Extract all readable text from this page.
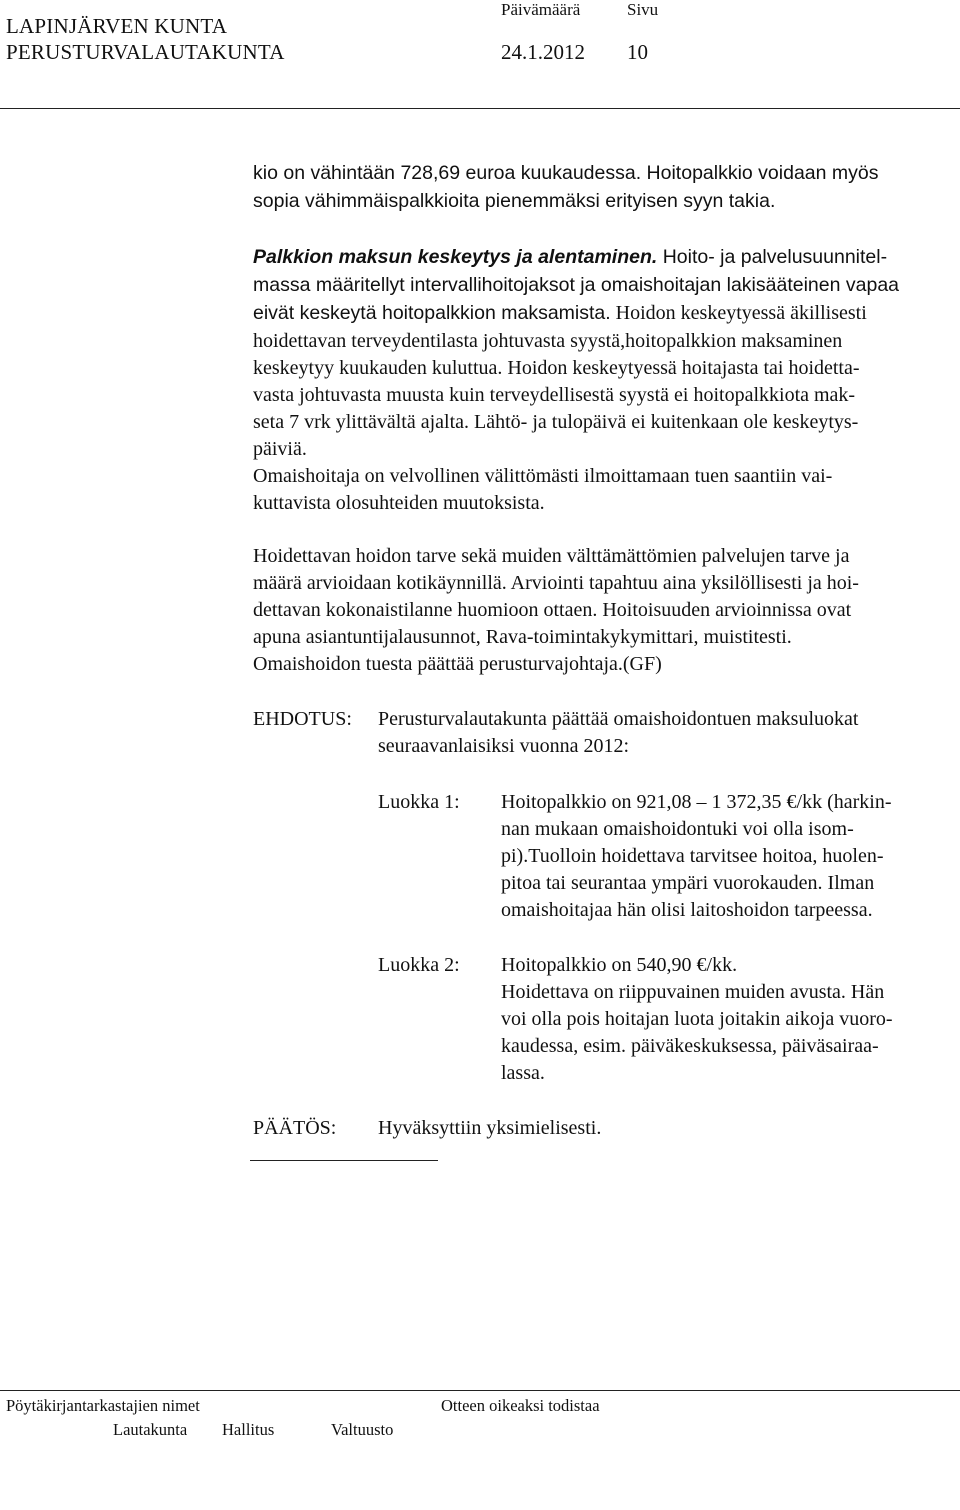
LAPINJÄRVEN KUNTA
PERUSTURVALAUTAKUNTA
Päivämäärä	Sivu
24.1.2012 10
kio on vähintään 728,69 euroa kuukaudessa. Hoitopalkkio voidaan myös
sopia vähimmäispalkkioita pienemmäksi erityisen syyn takia.
Palkkion maksun keskeytys ja alentaminen. Hoito- ja palvelusuunnitel-
massa määritellyt intervallihoitojaksot ja omaishoitajan lakisääteinen vapaa
eivät keskeytä hoitopalkkion maksamista. Hoidon keskeytyessä äkillisesti
hoidettavan terveydentilasta johtuvasta syystä,hoitopalkkion maksaminen
keskeytyy kuukauden kuluttua. Hoidon keskeytyessä hoitajasta tai hoidetta-
vasta johtuvasta muusta kuin terveydellisestä syystä ei hoitopalkkiota mak-
seta 7 vrk ylittävältä ajalta. Lähtö- ja tulopäivä ei kuitenkaan ole keskeytys-
päiviä.
Omaishoitaja on velvollinen välittömästi ilmoittamaan tuen saantiin vai-
kuttavista olosuhteiden muutoksista.
Hoidettavan hoidon tarve sekä muiden välttämättömien palvelujen tarve ja
määrä arvioidaan kotikäynnillä. Arviointi tapahtuu aina yksilöllisesti ja hoi-
dettavan kokonaistilanne huomioon ottaen. Hoitoisuuden arvioinnissa ovat
apuna asiantuntijalausunnot, Rava-toimintakykymittari, muistitesti.
Omaishoidon tuesta päättää perusturvajohtaja.(GF)
EHDOTUS: Perusturvalautakunta päättää omaishoidontuen maksuluokat
seuraavanlaisiksi vuonna 2012:
Luokka 1: Hoitopalkkio on 921,08 – 1 372,35 €/kk (harkin-
nan mukaan omaishoidontuki voi olla isom-
pi).Tuolloin hoidettava tarvitsee hoitoa, huolen-
pitoa tai seurantaa ympäri vuorokauden. Ilman
omaishoitajaa hän olisi laitoshoidon tarpeessa.
Luokka 2: Hoitopalkkio on 540,90 €/kk.
Hoidettava on riippuvainen muiden avusta. Hän
voi olla pois hoitajan luota joitakin aikoja vuoro-
kaudessa, esim. päiväkeskuksessa, päiväsairaa-
lassa.
PÄÄTÖS: Hyväksyttiin yksimielisesti.
Pöytäkirjantarkastajien nimet	Otteen oikeaksi todistaa
Lautakunta Hallitus	Valtuusto
